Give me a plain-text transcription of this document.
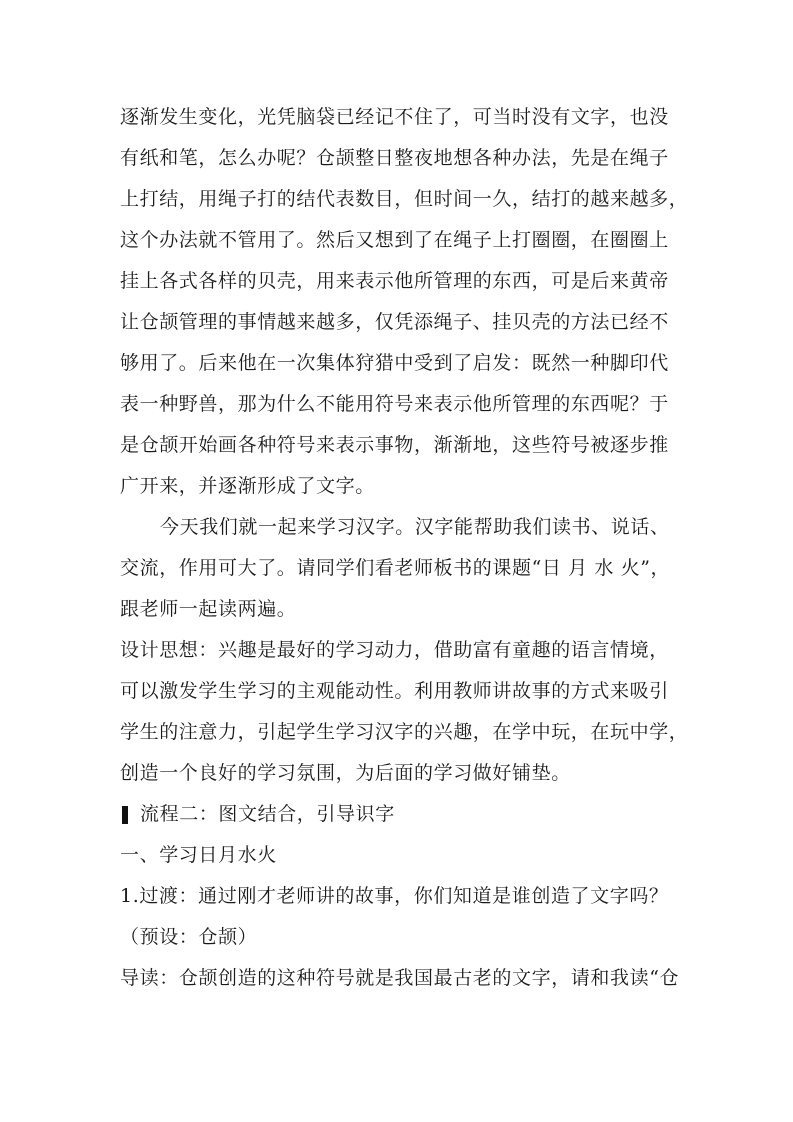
逐渐发生变化，光凭脑袋已经记不住了，可当时没有文字，也没
有纸和笔，怎么办呢？仓颉整日整夜地想各种办法，先是在绳子
上打结，用绳子打的结代表数目，但时间一久，结打的越来越多，
这个办法就不管用了。然后又想到了在绳子上打圈圈，在圈圈上
挂上各式各样的贝壳，用来表示他所管理的东西，可是后来黄帝
让仓颉管理的事情越来越多，仅凭添绳子、挂贝壳的方法已经不
够用了。后来他在一次集体狩猎中受到了启发：既然一种脚印代
表一种野兽，那为什么不能用符号来表示他所管理的东西呢？于
是仓颉开始画各种符号来表示事物，渐渐地，这些符号被逐步推
广开来，并逐渐形成了文字。
今天我们就一起来学习汉字。汉字能帮助我们读书、说话、
交流，作用可大了。请同学们看老师板书的课题“日 月 水 火”，
跟老师一起读两遍。
设计思想：兴趣是最好的学习动力，借助富有童趣的语言情境，
可以激发学生学习的主观能动性。利用教师讲故事的方式来吸引
学生的注意力，引起学生学习汉字的兴趣，在学中玩，在玩中学，
创造一个良好的学习氛围，为后面的学习做好铺垫。
流程二：图文结合，引导识字
一、学习日月水火
1.过渡：通过刚才老师讲的故事，你们知道是谁创造了文字吗？
（预设：仓颉）
导读：仓颉创造的这种符号就是我国最古老的文字，请和我读“仓
